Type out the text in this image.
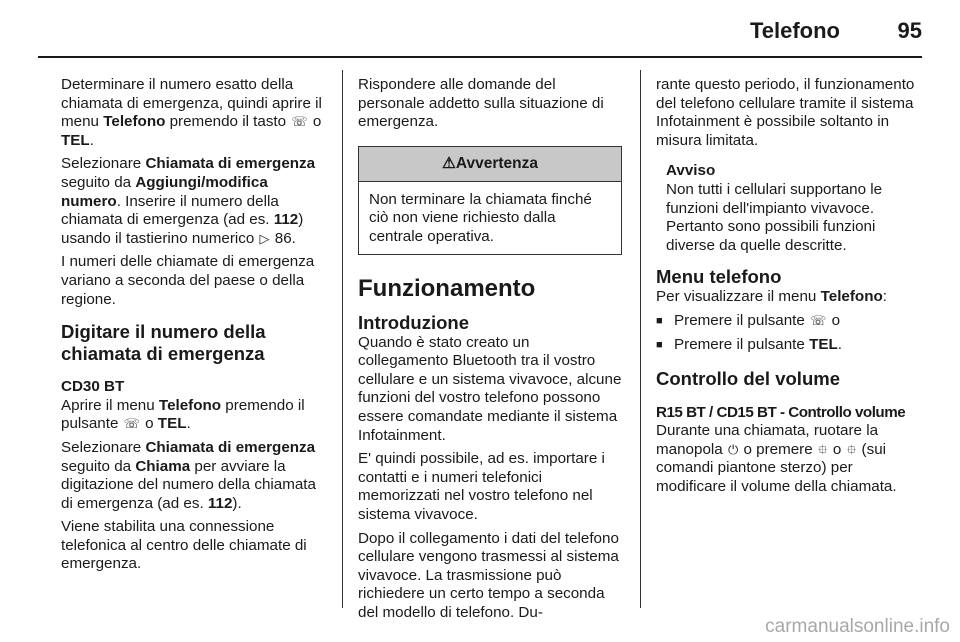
Telefono	95

Determinare il numero esatto della chiamata di emergenza, quindi aprire il menu Telefono premendo il tasto ☏ o TEL.

Selezionare Chiamata di emergenza seguito da Aggiungi/modifica numero. Inserire il numero della chiamata di emergenza (ad es. 112) usando il tastierino numerico ▷ 86.

I numeri delle chiamate di emergenza variano a seconda del paese o della regione.

Digitare il numero della chiamata di emergenza
CD30 BT

Aprire il menu Telefono premendo il pulsante ☏ o TEL.

Selezionare Chiamata di emergenza seguito da Chiama per avviare la digitazione del numero della chiamata di emergenza (ad es. 112).

Viene stabilita una connessione telefonica al centro delle chiamate di emergenza.

Rispondere alle domande del personale addetto sulla situazione di emergenza.

⚠Avvertenza
Non terminare la chiamata finché ciò non viene richiesto dalla centrale operativa.
Funzionamento
Introduzione

Quando è stato creato un collegamento Bluetooth tra il vostro cellulare e un sistema vivavoce, alcune funzioni del vostro telefono possono essere comandate mediante il sistema Infotainment.

E' quindi possibile, ad es. importare i contatti e i numeri telefonici memorizzati nel vostro telefono nel sistema vivavoce.

Dopo il collegamento i dati del telefono cellulare vengono trasmessi al sistema vivavoce. La trasmissione può richiedere un certo tempo a seconda del modello di telefono. Du-

rante questo periodo, il funzionamento del telefono cellulare tramite il sistema Infotainment è possibile soltanto in misura limitata.

Avviso
Non tutti i cellulari supportano le funzioni dell'impianto vivavoce. Pertanto sono possibili funzioni diverse da quelle descritte.
Menu telefono

Per visualizzare il menu Telefono:

■ Premere il pulsante ☏ o
■ Premere il pulsante TEL.
Controllo del volume
R15 BT / CD15 BT - Controllo volume

Durante una chiamata, ruotare la manopola ⏻ o premere ⯐ o ⯐ (sui comandi piantone sterzo) per modificare il volume della chiamata.

carmanualsonline.info
